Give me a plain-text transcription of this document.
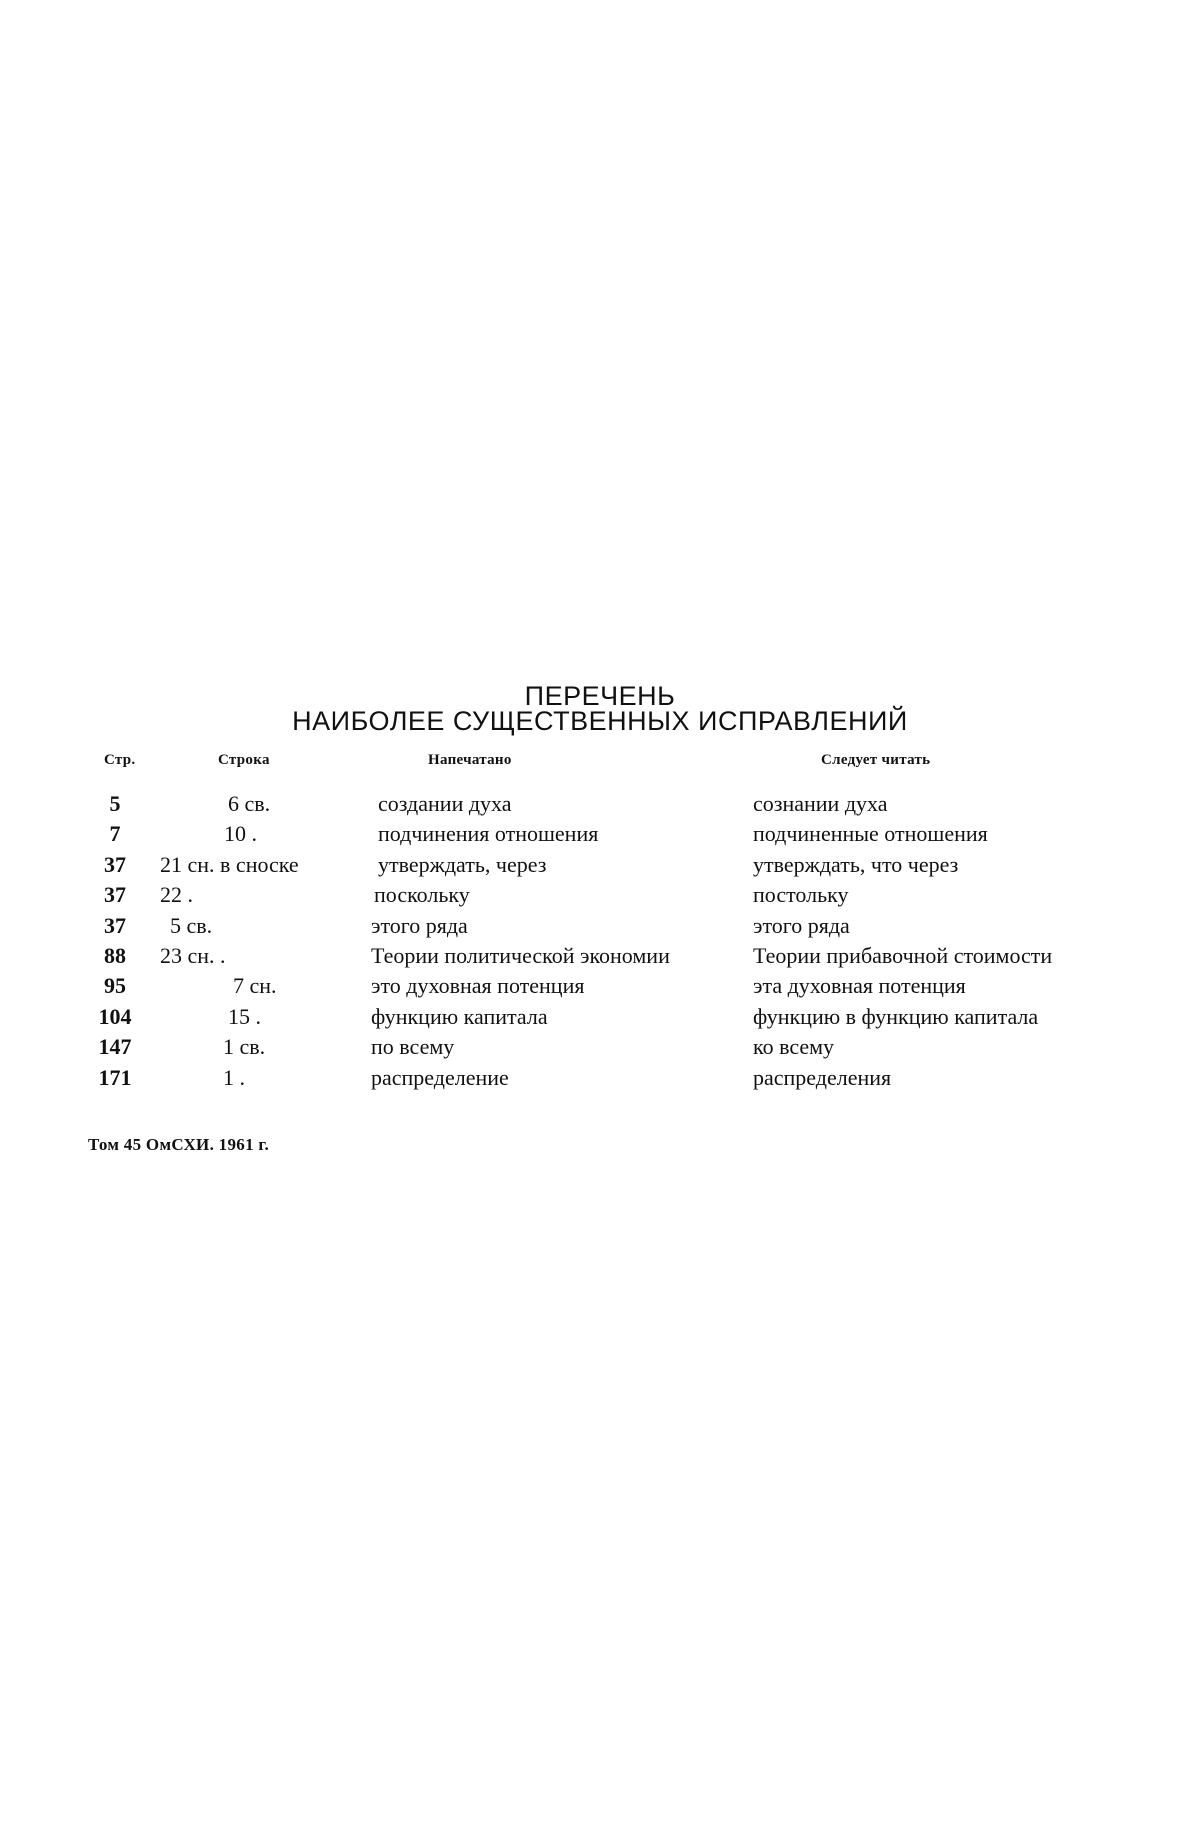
ПЕРЕЧЕНЬ
НАИБОЛЕЕ СУЩЕСТВЕННЫХ ИСПРАВЛЕНИЙ
Стр.	Строка	Напечатано	Следует читать
5	6 св.	создании духа	сознании духа
7	10 .	подчинения отношения	подчиненные отношения
37	21 сн. в сноске	утверждать, через	утверждать, что через
37	22 .	поскольку	постольку
37	5 св.	этого ряда	этого ряда
88	23 сн. .	Теории политической экономии	Теории прибавочной стоимости
95	7 сн.	это духовная потенция	эта духовная потенция
104	15 .	функцию капитала	функцию в функцию капитала
147	1 св.	по всему	ко всему
171	1 .	распределение	распределения
Том 45 ОмСХИ. 1961 г.
